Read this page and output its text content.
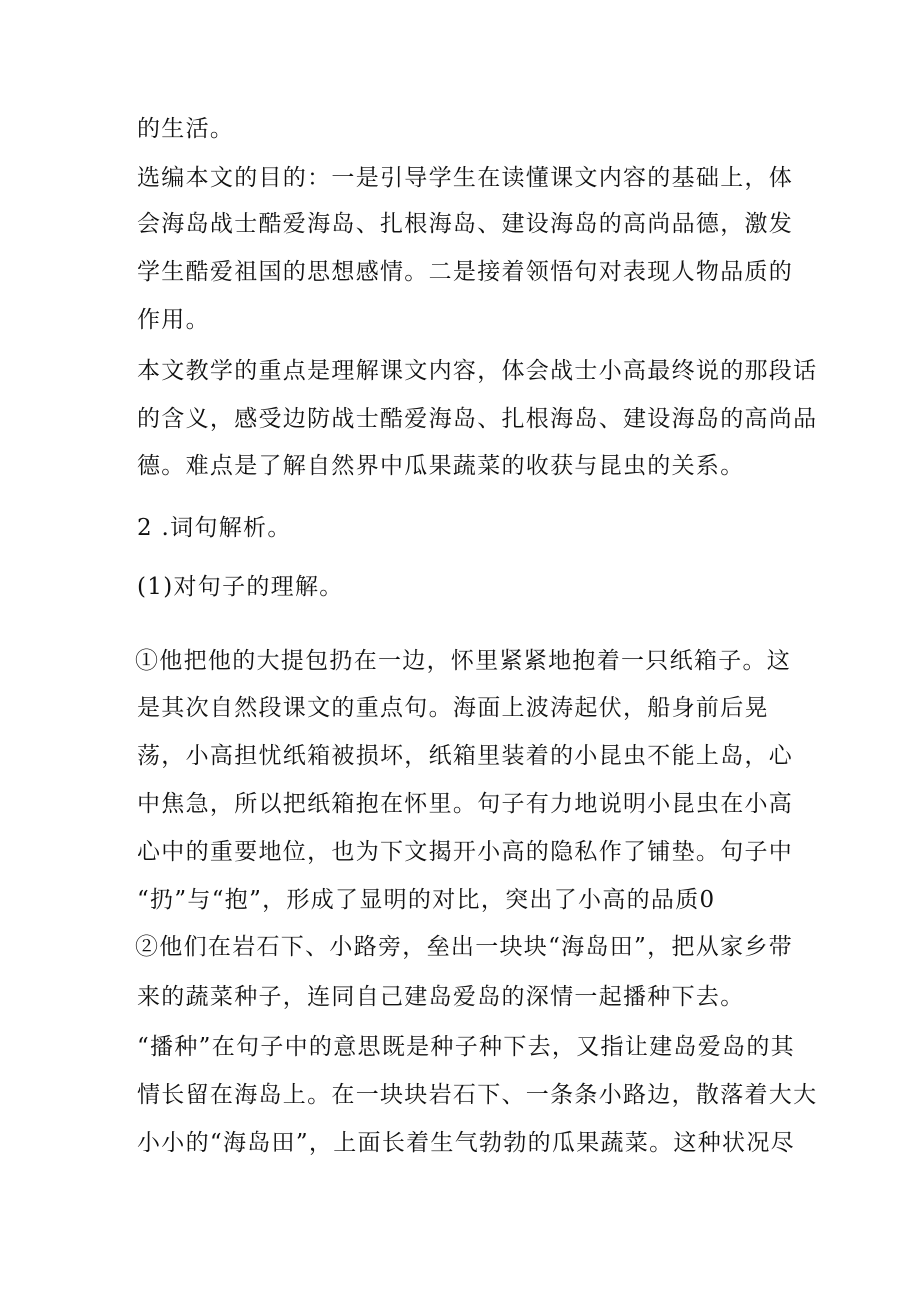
的生活。
选编本文的目的：一是引导学生在读懂课文内容的基础上，体
会海岛战士酷爱海岛、扎根海岛、建设海岛的高尚品德，激发
学生酷爱祖国的思想感情。二是接着领悟句对表现人物品质的
作用。
本文教学的重点是理解课文内容，体会战士小高最终说的那段话
的含义，感受边防战士酷爱海岛、扎根海岛、建设海岛的高尚品
德。难点是了解自然界中瓜果蔬菜的收获与昆虫的关系。
2 .词句解析。
(1)对句子的理解。
①他把他的大提包扔在一边，怀里紧紧地抱着一只纸箱子。这
是其次自然段课文的重点句。海面上波涛起伏，船身前后晃
荡，小高担忧纸箱被损坏，纸箱里装着的小昆虫不能上岛，心
中焦急，所以把纸箱抱在怀里。句子有力地说明小昆虫在小高
心中的重要地位，也为下文揭开小高的隐私作了铺垫。句子中
“扔”与“抱”，形成了显明的对比，突出了小高的品质0
②他们在岩石下、小路旁，垒出一块块“海岛田”，把从家乡带
来的蔬菜种子，连同自己建岛爱岛的深情一起播种下去。
“播种”在句子中的意思既是种子种下去，又指让建岛爱岛的其
情长留在海岛上。在一块块岩石下、一条条小路边，散落着大大
小小的“海岛田”，上面长着生气勃勃的瓜果蔬菜。这种状况尽
